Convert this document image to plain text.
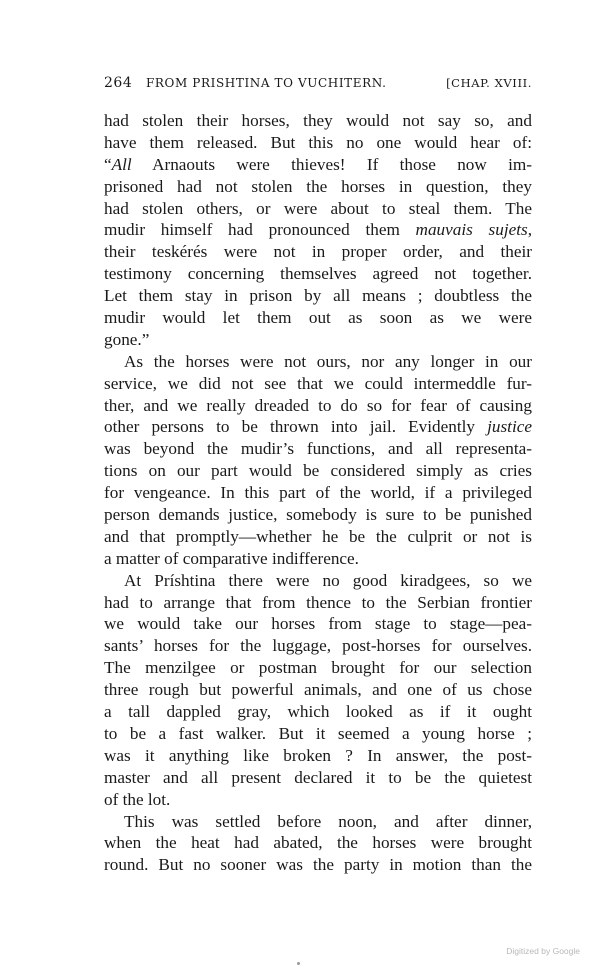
264 FROM PRISHTINA TO VUCHITERN.	[CHAP. XVIII.
had stolen their horses, they would not say so, and
have them released. But this no one would hear of:
“All Arnaouts were thieves! If those now im-
prisoned had not stolen the horses in question, they
had stolen others, or were about to steal them. The
mudir himself had pronounced them mauvais sujets,
their teskérés were not in proper order, and their
testimony concerning themselves agreed not together.
Let them stay in prison by all means ; doubtless the
mudir would let them out as soon as we were
gone.”
As the horses were not ours, nor any longer in our
service, we did not see that we could intermeddle fur-
ther, and we really dreaded to do so for fear of causing
other persons to be thrown into jail. Evidently justice
was beyond the mudir’s functions, and all representa-
tions on our part would be considered simply as cries
for vengeance. In this part of the world, if a privileged
person demands justice, somebody is sure to be punished
and that promptly—whether he be the culprit or not is
a matter of comparative indifference.
At Príshtina there were no good kiradgees, so we
had to arrange that from thence to the Serbian frontier
we would take our horses from stage to stage—pea-
sants’ horses for the luggage, post-horses for ourselves.
The menzilgee or postman brought for our selection
three rough but powerful animals, and one of us chose
a tall dappled gray, which looked as if it ought
to be a fast walker. But it seemed a young horse ;
was it anything like broken ? In answer, the post-
master and all present declared it to be the quietest
of the lot.
This was settled before noon, and after dinner,
when the heat had abated, the horses were brought
round. But no sooner was the party in motion than the
Digitized by Google
